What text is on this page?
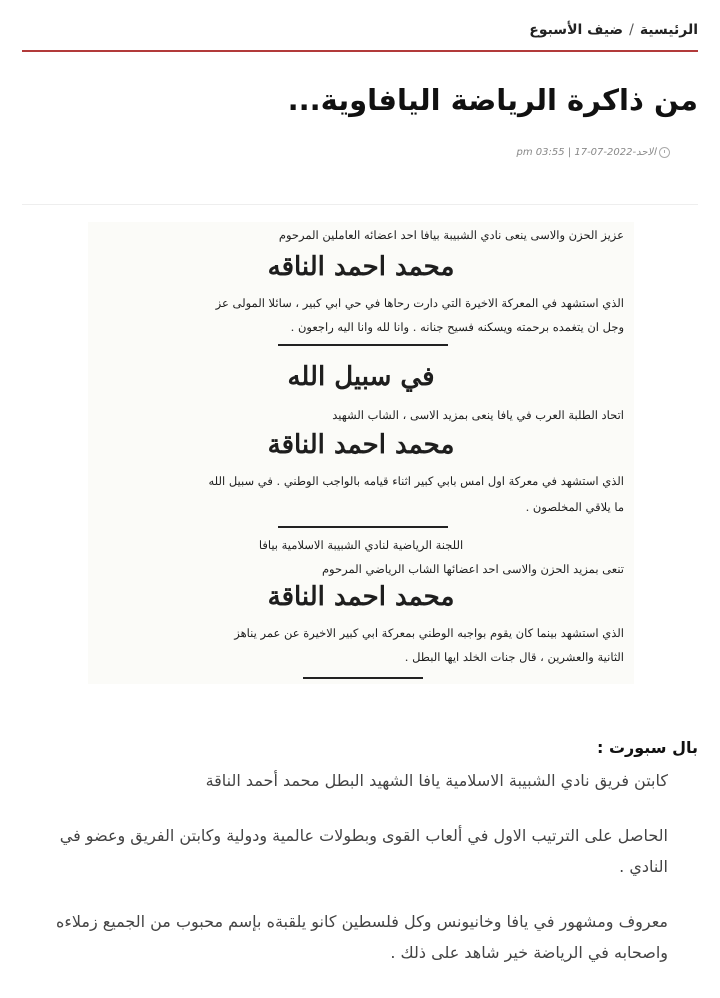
الرئيسية
/
ضيف الأسبوع
من ذاكرة الرياضة اليافاوية...
الاحد-2022-07-17 | 03:55 pm
عزيز الحزن والاسى ينعى نادي الشبيبة بيافا احد اعضائه العاملين المرحوم
محمد احمد الناقه
الذي استشهد في المعركة الاخيرة التي دارت رحاها في حي ابي كبير ، سائلا المولى عز
وجل ان يتغمده برحمته ويسكنه فسيح جنانه . وانا لله وانا اليه راجعون .
في سبيل الله
اتحاد الطلبة العرب في يافا ينعى بمزيد الاسى ، الشاب الشهيد
محمد احمد الناقة
الذي استشهد في معركة اول امس بابي كبير اثناء قيامه بالواجب الوطني . في سبيل الله
ما يلاقي المخلصون .
اللجنة الرياضية لنادي الشبيبة الاسلامية بيافا
تنعى بمزيد الحزن والاسى احد اعضائها الشاب الرياضي المرحوم
محمد احمد الناقة
الذي استشهد بينما كان يقوم بواجبه الوطني بمعركة ابي كبير الاخيرة عن عمر يناهز
الثانية والعشرين ، قال جنات الخلد ايها البطل .

بال سبورت :

كابتن فريق نادي الشبيبة الاسلامية يافا الشهيد البطل محمد أحمد الناقة

الحاصل على الترتيب الاول في ألعاب القوى وبطولات عالمية ودولية وكابتن الفريق وعضو في النادي .

معروف ومشهور في يافا وخانيونس وكل فلسطين كانو يلقبةه بإسم محبوب من الجميع زملاءه واصحابه في الرياضة خير شاهد على ذلك .
